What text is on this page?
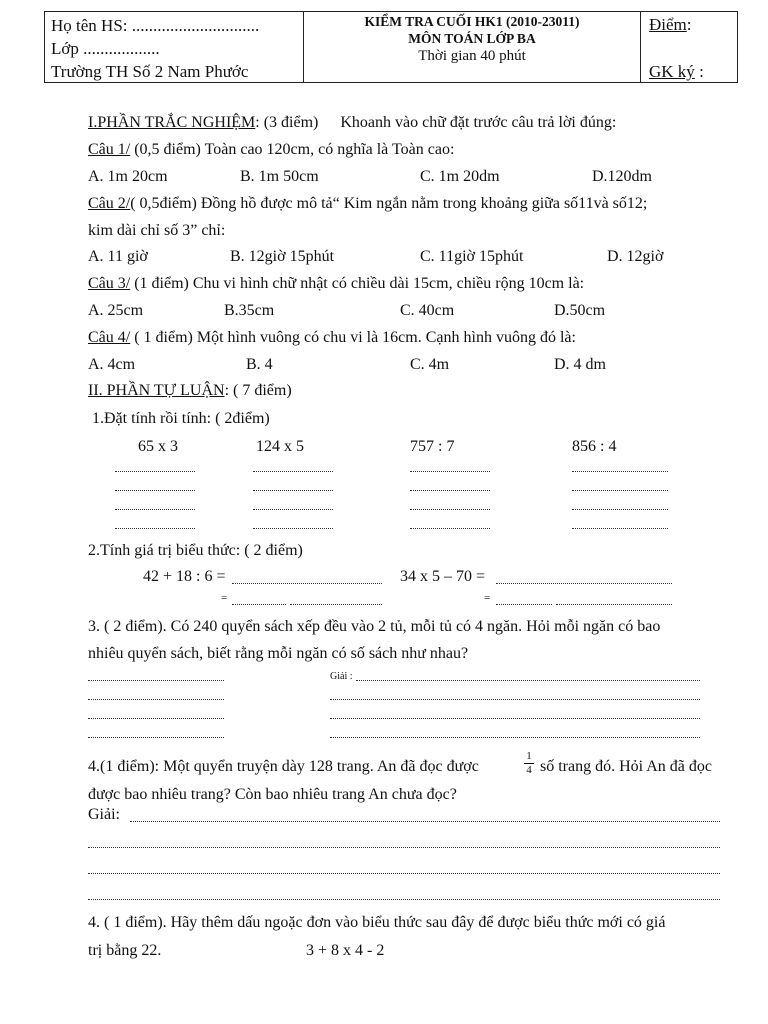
Họ tên HS: ..............................
Lớp ..................
Trường TH Số 2 Nam Phước
KIỂM TRA CUỐI HK1 (2010-23011)
MÔN TOÁN LỚP BA
Thời gian 40 phút
Điểm:
GK ký :
I.PHẦN TRẮC NGHIỆM: (3 điểm) Khoanh vào chữ đặt trước câu trả lời đúng:
Câu 1/ (0,5 điểm) Toàn cao 120cm, có nghĩa là Toàn cao:
A. 1m 20cm	B. 1m 50cm	C. 1m 20dm	D.120dm
Câu 2/( 0,5điểm) Đồng hồ được mô tả“ Kim ngắn nằm trong khoảng giữa số11và số12;
kim dài chỉ số 3” chỉ:
A. 11 giờ	B. 12giờ 15phút	C. 11giờ 15phút	D. 12giờ
Câu 3/ (1 điểm) Chu vi hình chữ nhật có chiều dài 15cm, chiều rộng 10cm là:
A. 25cm	B.35cm	C. 40cm	D.50cm
Câu 4/ ( 1 điểm) Một hình vuông có chu vi là 16cm. Cạnh hình vuông đó là:
A. 4cm	B. 4	C. 4m	D. 4 dm
II. PHẦN TỰ LUẬN: ( 7 điểm)
1.Đặt tính rồi tính: ( 2điểm)
65 x 3	124 x 5	757 : 7	856 : 4
2.Tính giá trị biểu thức: ( 2 điểm)
42 + 18 : 6 =	34 x 5 – 70 =
=	=
3. ( 2 điểm). Có 240 quyển sách xếp đều vào 2 tủ, mỗi tủ có 4 ngăn. Hỏi mỗi ngăn có bao
nhiêu quyển sách, biết rằng mỗi ngăn có số sách như nhau?
Giải :
4.(1 điểm): Một quyển truyện dày 128 trang. An đã đọc được
1
4 số trang đó. Hỏi An đã đọc
được bao nhiêu trang? Còn bao nhiêu trang An chưa đọc?
Giải:
4. ( 1 điểm). Hãy thêm dấu ngoặc đơn vào biểu thức sau đây để được biểu thức mới có giá
trị bằng 22.	3 + 8 x 4 - 2
